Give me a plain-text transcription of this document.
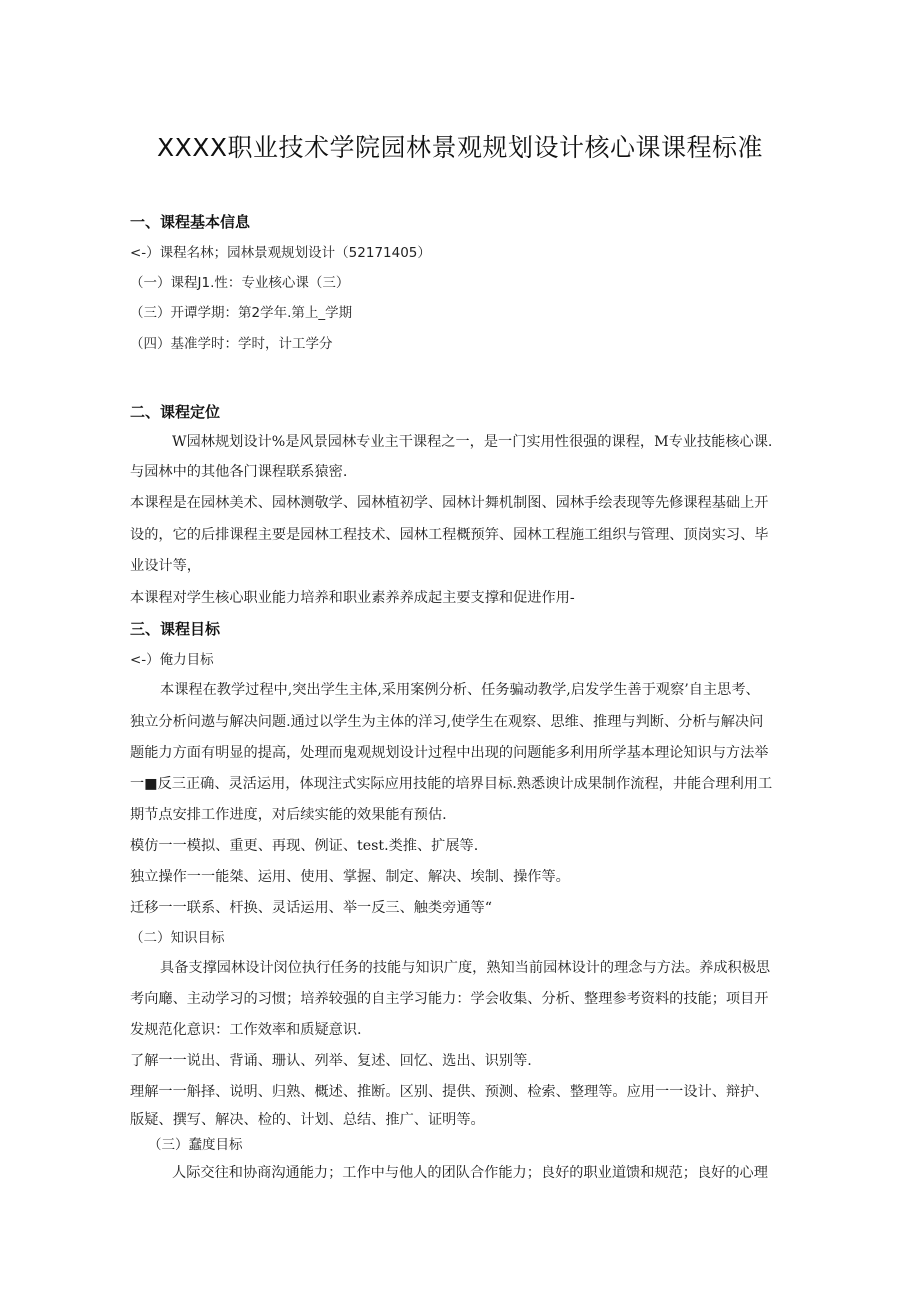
XXXX职业技术学院园林景观规划设计核心课课程标准
一、课程基本信息
<-）课程名林；园林景观规划设计（52171405）
（一）课程J1.性：专业核心课（三）
（三）开谭学期：第2学年.第上_学期
（四）基准学时：学时，计工学分
二、课程定位
W园林规划设计%是风景园林专业主干课程之一，是一门实用性很强的课程，M专业技能核心课.
与园林中的其他各门课程联系猿密.
本课程是在园林美术、园林测敬学、园林植初学、园林计舞机制图、园林手绘表现等先修课程基础上开
设的，它的后排课程主要是园林工程技术、园林工程概预笄、园林工程施工组织与管理、顶岗实习、毕
业设计等，
本课程对学生核心职业能力培养和职业素养养成起主要支撑和促进作用-
三、课程目标
<-）俺力目标
本课程在教学过程中,突出学生主体,采用案例分析、任务骗动教学,启发学生善于观察’自主思考、
独立分析问遨与解决问题.通过以学生为主体的洋习,使学生在观察、思维、推理与判断、分析与解决问
题能力方面有明显的提高，处理而鬼观规划设计过程中出现的问题能多利用所学基本理论知识与方法举
一■反三正确、灵活运用，体现注式实际应用技能的培界目标.熟悉谀计成果制作流程，井能合理利用工
期节点安排工作进度，对后续实能的效果能有预估.
模仿一一模拟、重更、再现、例证、test.类推、扩展等.
独立操作一一能桀、运用、使用、掌握、制定、解决、埃制、操作等。
迁移一一联系、杆换、灵话运用、举一反三、触类旁通等“
（二）知识目标
具备支撑园林设计闵位执行任务的技能与知识广度，熟知当前园林设计的理念与方法。养成积极思
考向廰、主动学习的习惯；培养较强的自主学习能力：学会收集、分析、整理参考资料的技能；项目开
发规范化意识：工作效率和质疑意识.
了解一一说出、背诵、珊认、列举、复述、回忆、选出、识别等.
理解一一斛择、说明、归熟、概述、推断。区别、提供、预测、检索、整理等。应用一一设计、辩护、
版疑、撰写、解决、检的、计划、总结、推广、证明等。
（三）蠢度目标
人际交往和协商沟通能力；工作中与他人的团队合作能力；良好的职业道馈和规范；良好的心理
